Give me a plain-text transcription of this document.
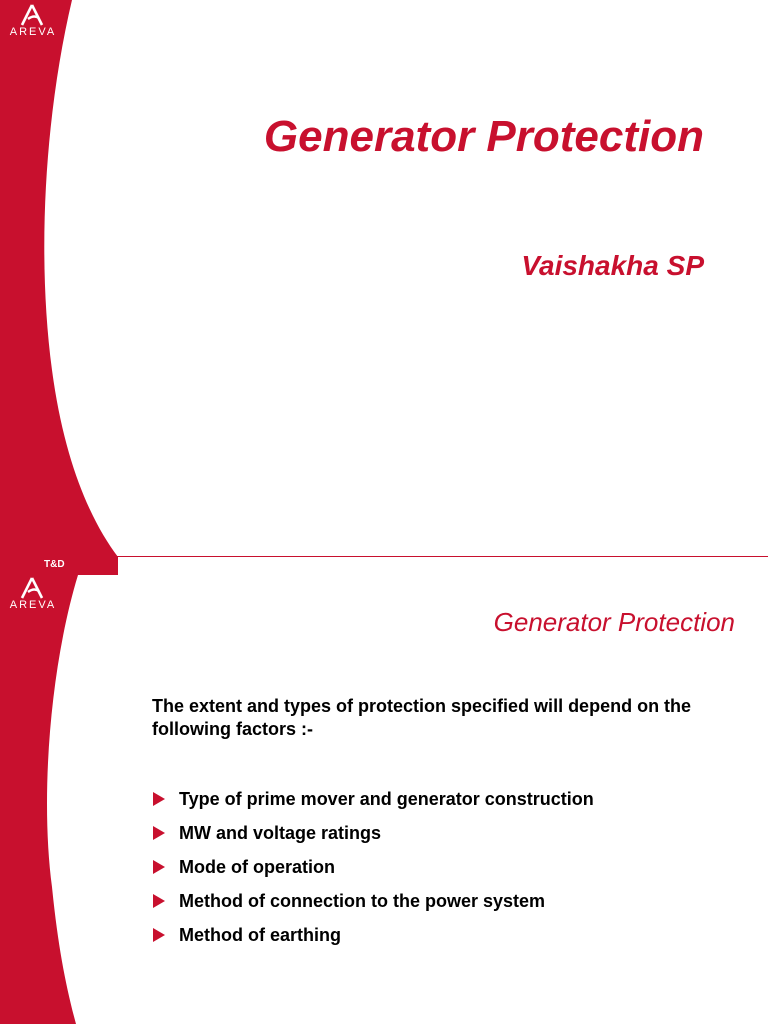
AREVA
Generator Protection
Vaishakha SP
T&D
AREVA
Generator Protection
The extent and types of protection specified will depend on the following factors :-
Type of prime mover and generator construction
MW and voltage ratings
Mode of operation
Method of connection to the power system
Method of earthing
